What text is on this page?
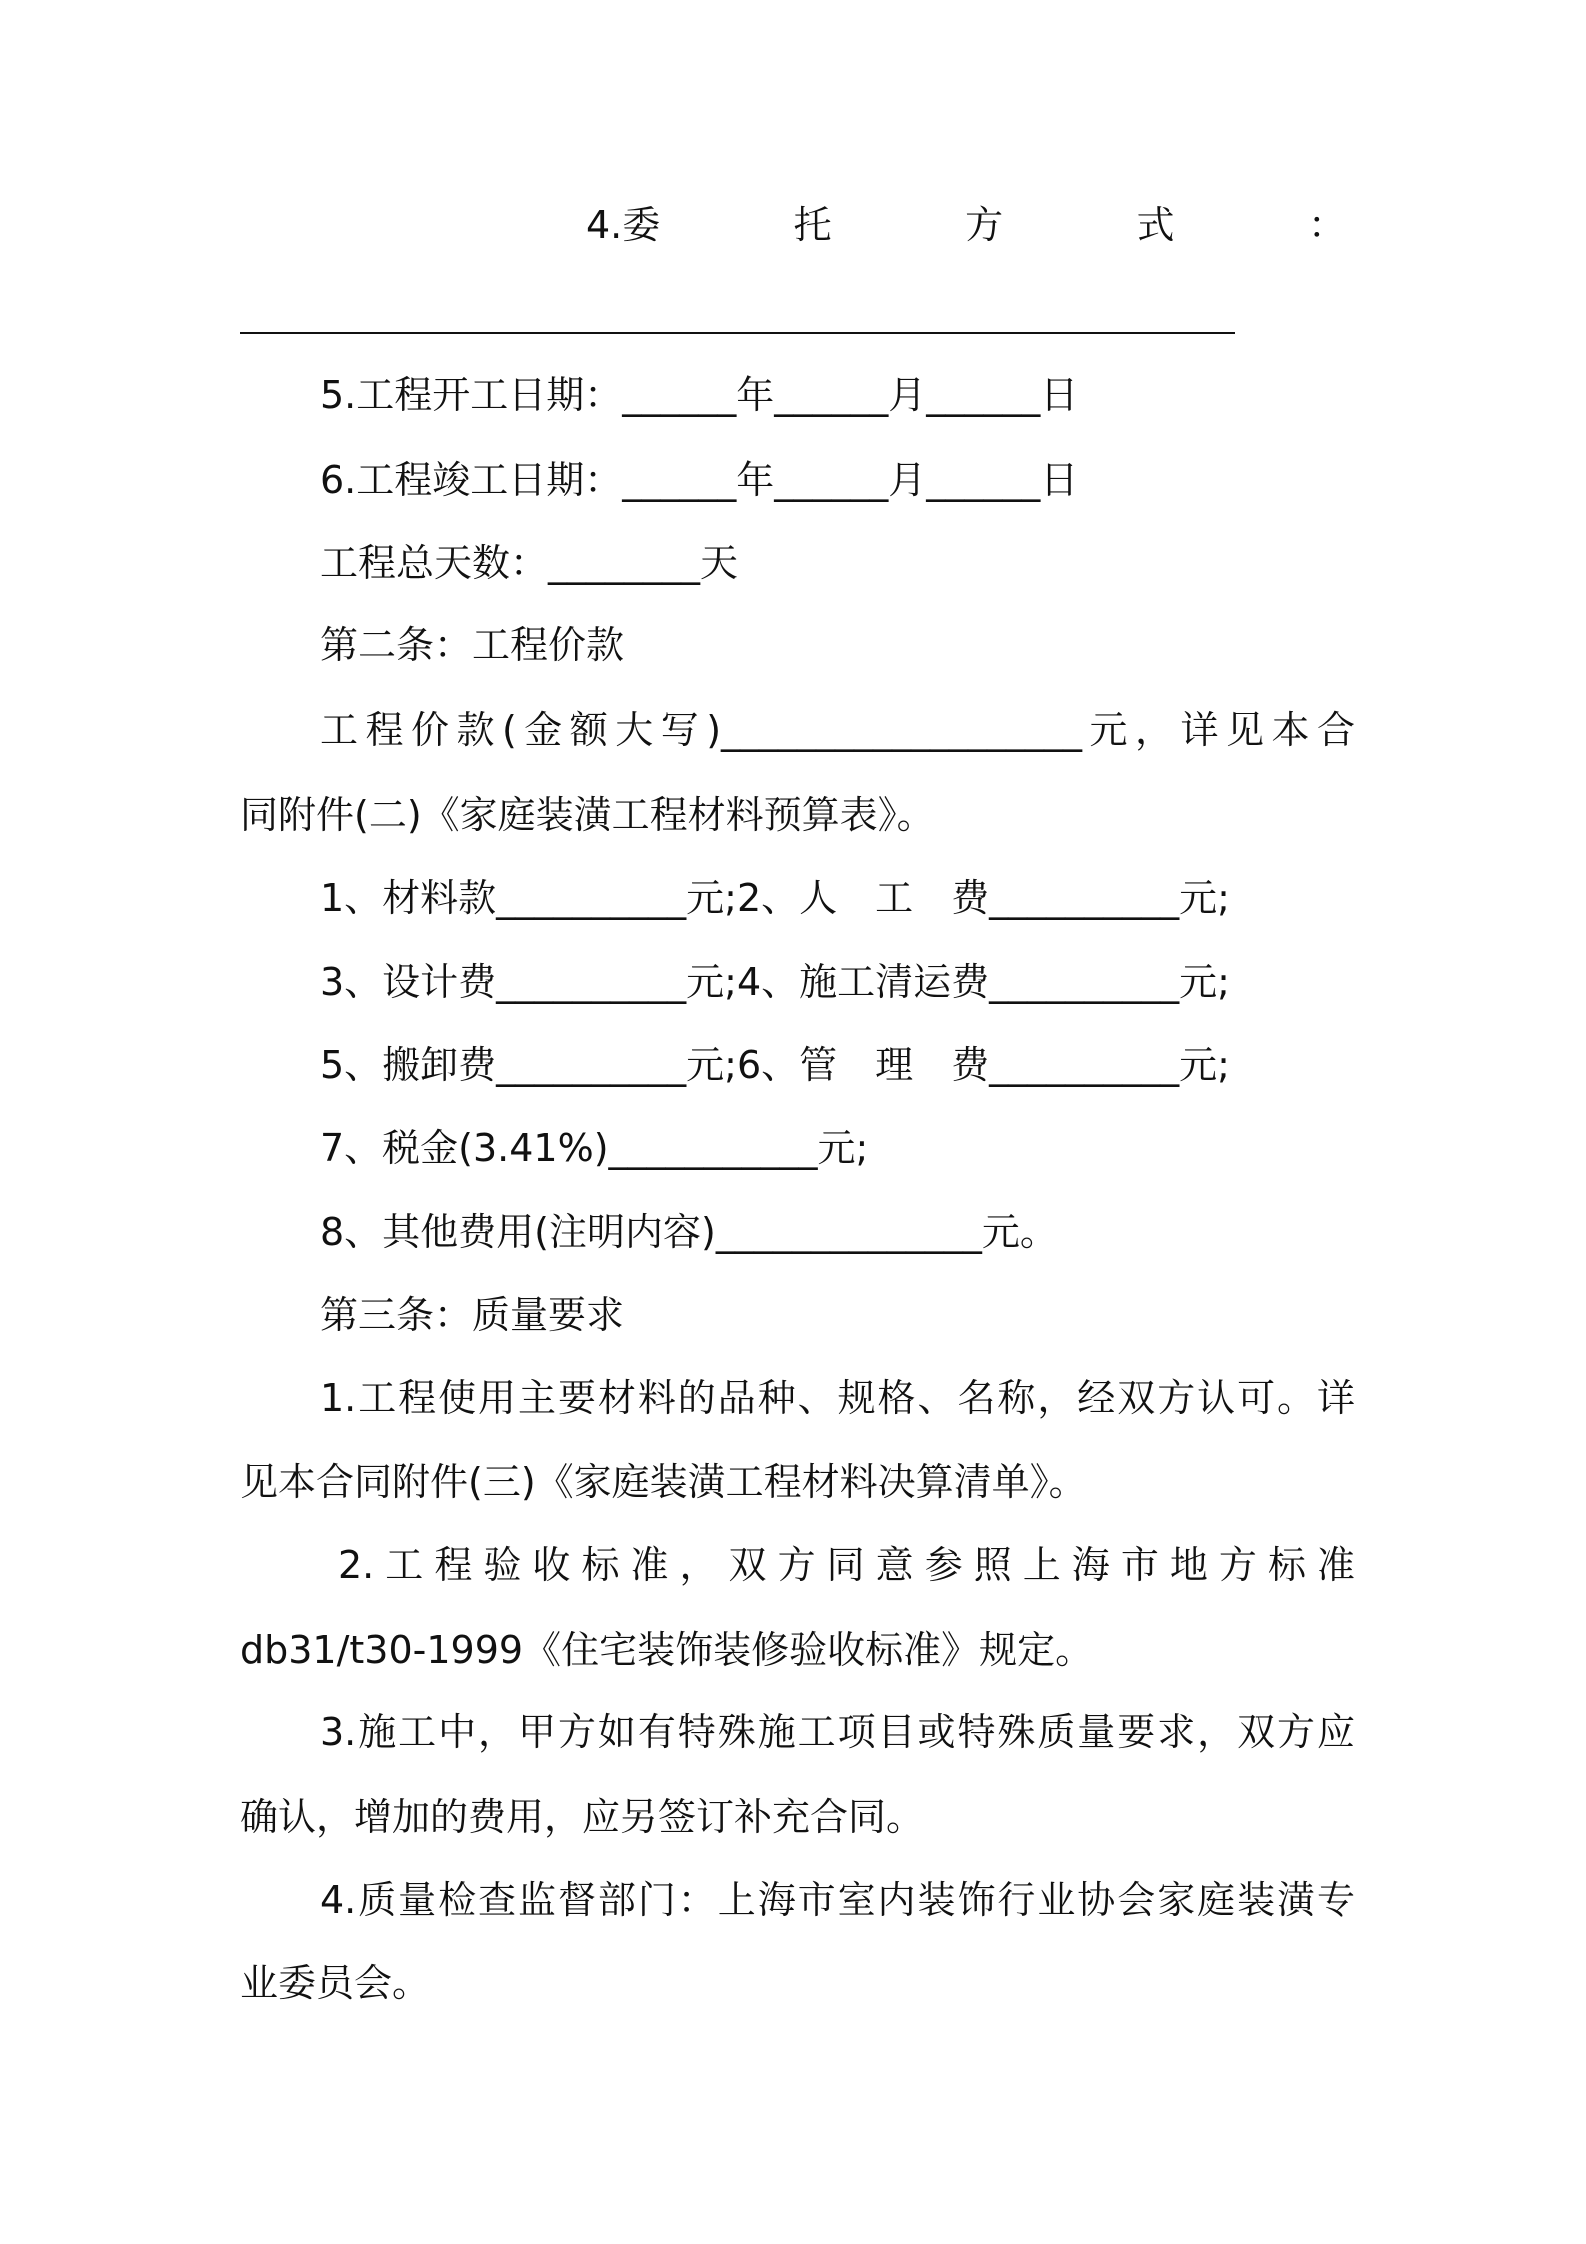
4.委	托	方	式	：
5.工程开工日期：______年______月______日
6.工程竣工日期：______年______月______日
工程总天数：________天
第二条：工程价款
工程价款(金额大写)___________________元，详见本合
同附件(二)《家庭装潢工程材料预算表》。
1、材料款__________元;2、人　工　费__________元;
3、设计费__________元;4、施工清运费__________元;
5、搬卸费__________元;6、管　理　费__________元;
7、税金(3.41%)___________元;
8、其他费用(注明内容)______________元。
第三条：质量要求
1.工程使用主要材料的品种、规格、名称，经双方认可。详
见本合同附件(三)《家庭装潢工程材料决算清单》。
2.工程验收标准，双方同意参照上海市地方标准
db31/t30-1999《住宅装饰装修验收标准》规定。
3.施工中，甲方如有特殊施工项目或特殊质量要求，双方应
确认，增加的费用，应另签订补充合同。
4.质量检查监督部门：上海市室内装饰行业协会家庭装潢专
业委员会。
